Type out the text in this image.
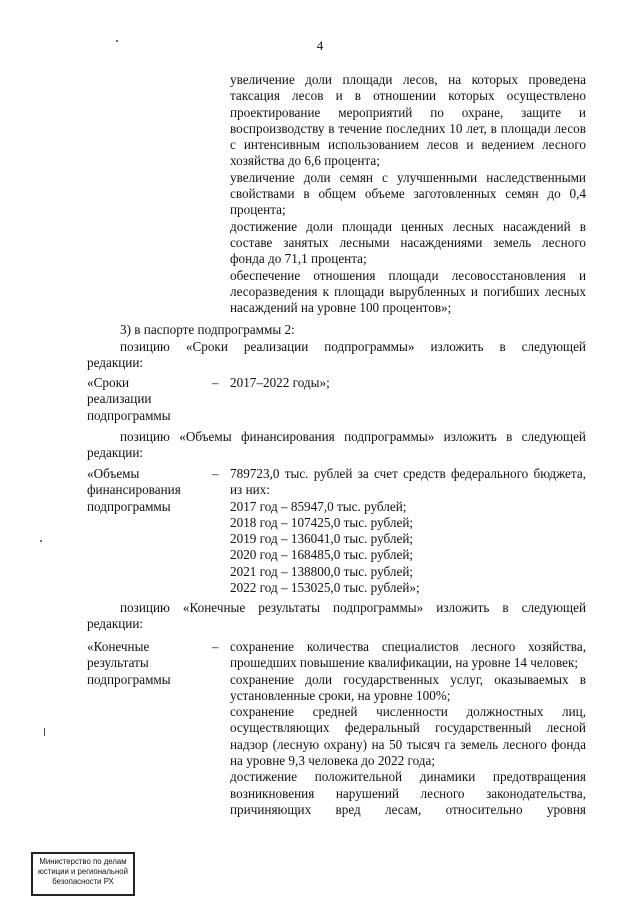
4

увеличение доли площади лесов, на которых проведена таксация лесов и в отношении которых осуществлено проектирование мероприятий по охране, защите и воспроизводству в течение последних 10 лет, в площади лесов с интенсивным использованием лесов и ведением лесного хозяйства до 6,6 процента;

увеличение доли семян с улучшенными наследственными свойствами в общем объеме заготовленных семян до 0,4 процента;

достижение доли площади ценных лесных насаждений в составе занятых лесными насаждениями земель лесного фонда до 71,1 процента;

обеспечение отношения площади лесовосстановления и лесоразведения к площади вырубленных и погибших лесных насаждений на уровне 100 процентов»;

3) в паспорте подпрограммы 2:
позицию «Сроки реализации подпрограммы» изложить в следующей
редакции:
«Сроки
реализации
подпрограммы
– 2017–2022 годы»;
позицию «Объемы финансирования подпрограммы» изложить в следующей
редакции:
«Объемы
финансирования
подпрограммы
– 789723,0 тыс. рублей за счет средств федерального бюджета, из них:

2017 год – 85947,0 тыс. рублей;

2018 год – 107425,0 тыс. рублей;

2019 год – 136041,0 тыс. рублей;

2020 год – 168485,0 тыс. рублей;

2021 год – 138800,0 тыс. рублей;

2022 год – 153025,0 тыс. рублей»;

позицию «Конечные результаты подпрограммы» изложить в следующей
редакции:
«Конечные
результаты
подпрограммы
– сохранение количества специалистов лесного хозяйства, прошедших повышение квалификации, на уровне 14 человек;

сохранение доли государственных услуг, оказываемых в установленные сроки, на уровне 100%;

сохранение средней численности должностных лиц, осуществляющих федеральный государственный лесной надзор (лесную охрану) на 50 тысяч га земель лесного фонда на уровне 9,3 человека до 2022 года;

достижение положительной динамики предотвращения возникновения нарушений лесного законодательства, причиняющих вред лесам, относительно уровня

Министерство по делам
юстиции и региональной
безопасности РХ
